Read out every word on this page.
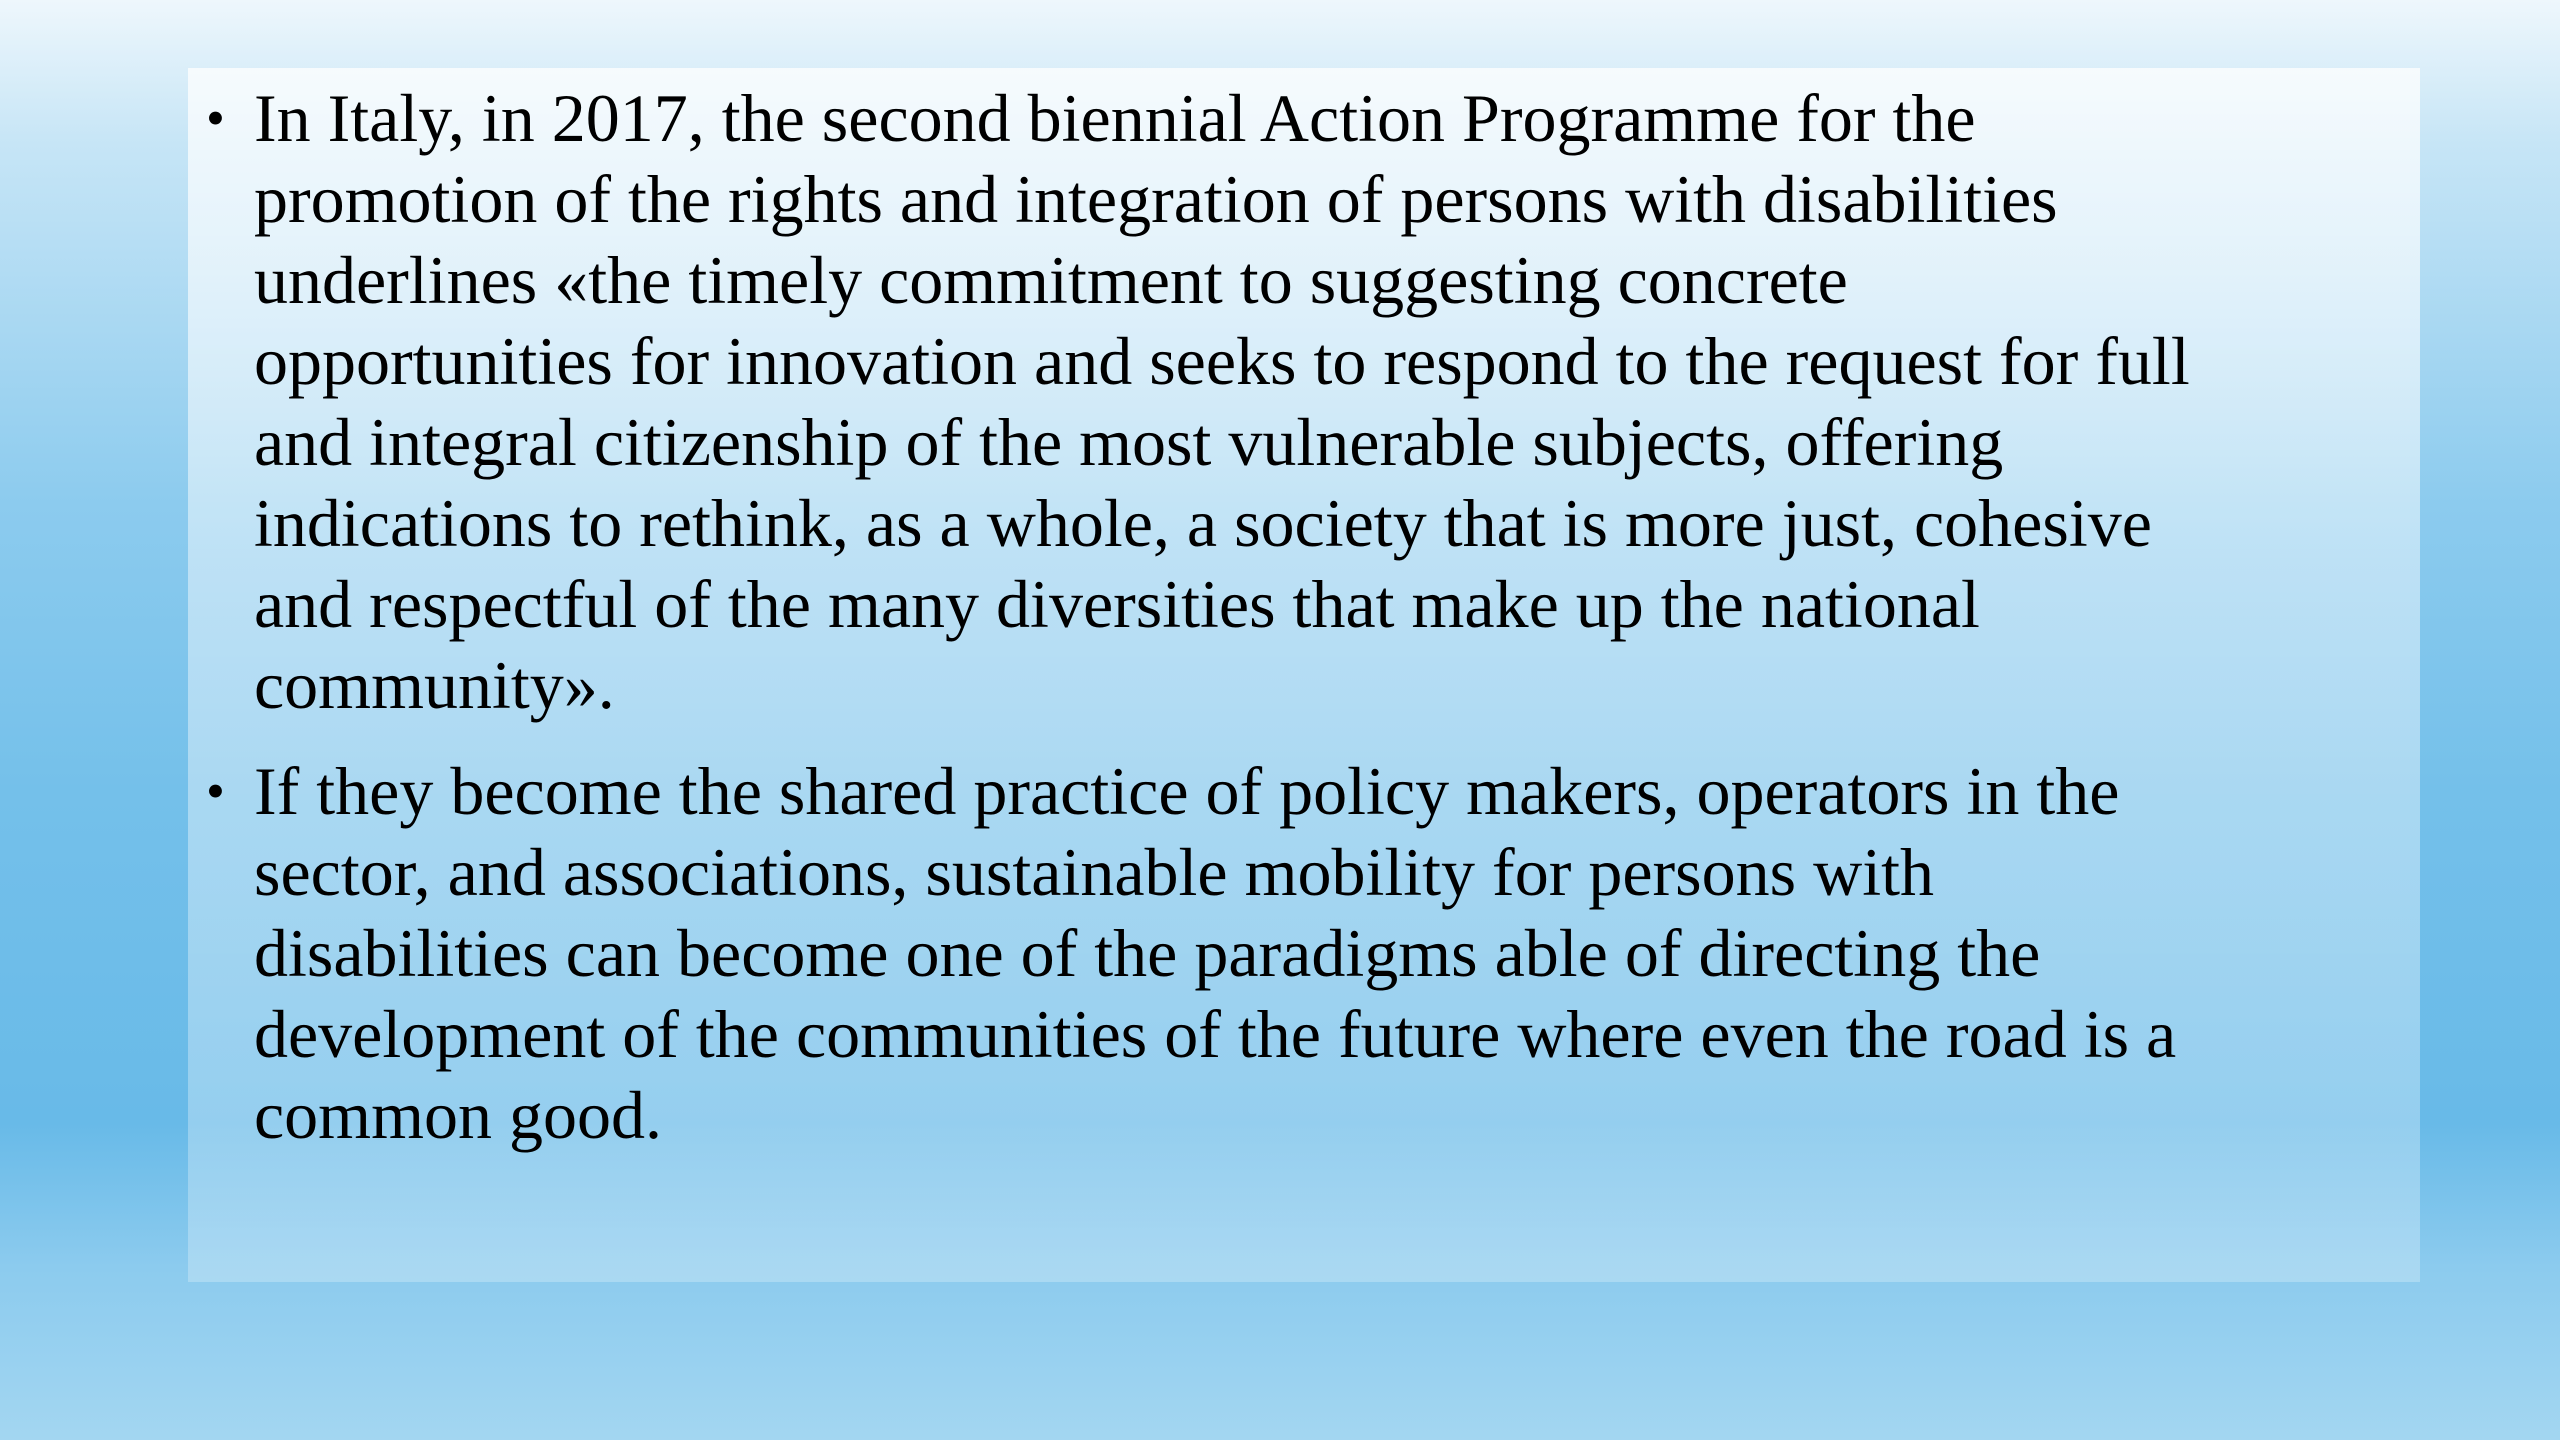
• In Italy, in 2017, the second biennial Action Programme for the
promotion of the rights and integration of persons with disabilities
underlines «the timely commitment to suggesting concrete
opportunities for innovation and seeks to respond to the request for full
and integral citizenship of the most vulnerable subjects, offering
indications to rethink, as a whole, a society that is more just, cohesive
and respectful of the many diversities that make up the national
community».
• If they become the shared practice of policy makers, operators in the
sector, and associations, sustainable mobility for persons with
disabilities can become one of the paradigms able of directing the
development of the communities of the future where even the road is a
common good.
